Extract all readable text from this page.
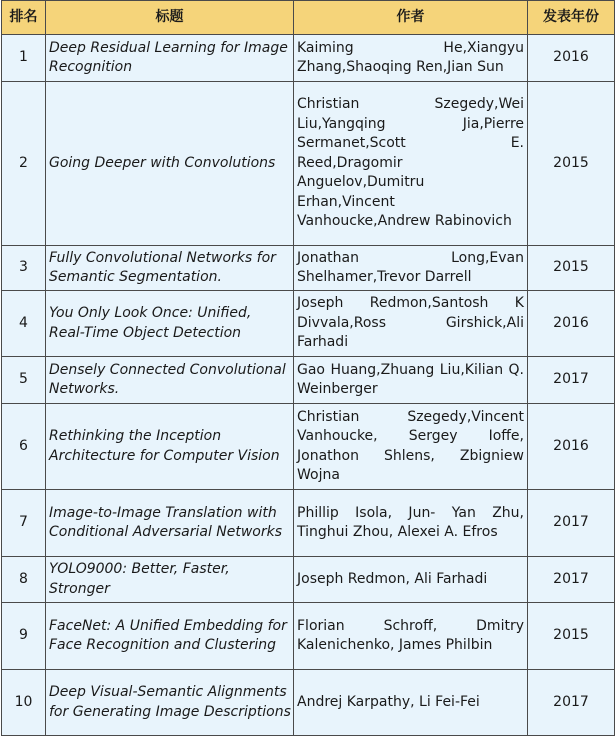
排名	标题	作者	发表年份
1	Deep Residual Learning for Image Recognition	Kaiming He,Xiangyu Zhang,Shaoqing Ren,Jian Sun	2016
2	Going Deeper with Convolutions	Christian Szegedy,Wei Liu,Yangqing Jia,Pierre Sermanet,Scott E. Reed,Dragomir Anguelov,Dumitru Erhan,Vincent Vanhoucke,Andrew Rabinovich	2015
3	Fully Convolutional Networks for Semantic Segmentation.	Jonathan Long,Evan Shelhamer,Trevor Darrell	2015
4	You Only Look Once: Unified, Real-Time Object Detection	Joseph Redmon,Santosh K Divvala,Ross Girshick,Ali Farhadi	2016
5	Densely Connected Convolutional Networks.	Gao Huang,Zhuang Liu,Kilian Q. Weinberger	2017
6	Rethinking the Inception Architecture for Computer Vision	Christian Szegedy,Vincent Vanhoucke, Sergey Ioffe, Jonathon Shlens, Zbigniew Wojna	2016
7	Image-to-Image Translation with Conditional Adversarial Networks	Phillip Isola, Jun- Yan Zhu, Tinghui Zhou, Alexei A. Efros	2017
8	YOLO9000: Better, Faster, Stronger	Joseph Redmon, Ali Farhadi	2017
9	FaceNet: A Unified Embedding for Face Recognition and Clustering	Florian Schroff, Dmitry Kalenichenko, James Philbin	2015
10	Deep Visual-Semantic Alignments for Generating Image Descriptions	Andrej Karpathy, Li Fei-Fei	2017
